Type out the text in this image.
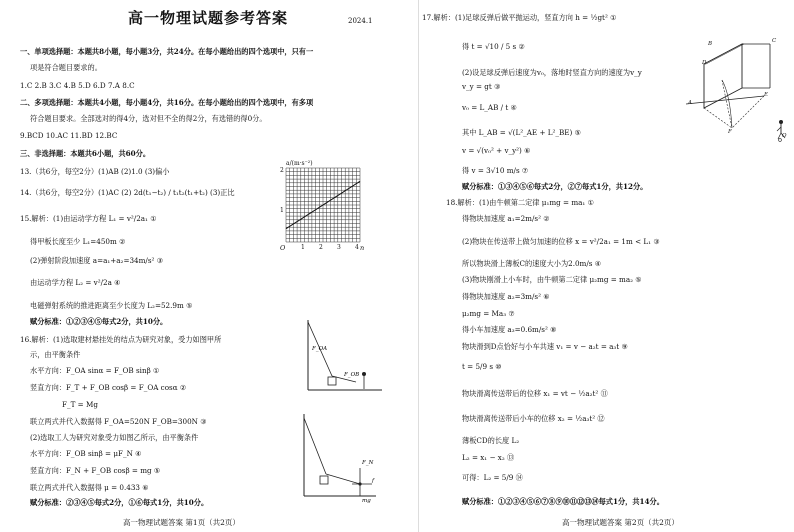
高一物理试题参考答案	2024.1
一、单项选择题：本题共8小题，每小题3分，共24分。在每小题给出的四个选项中，只有一
项是符合题目要求的。
1.C 2.B 3.C 4.B 5.D 6.D 7.A 8.C
二、多项选择题：本题共4小题，每小题4分，共16分。在每小题给出的四个选项中，有多项
符合题目要求。全部选对的得4分，选对但不全的得2分，有选错的得0分。
9.BCD 10.AC 11.BD 12.BC
三、非选择题：本题共6小题，共60分。
13.（共6分，每空2分）(1)AB (2)1.0 (3)偏小
14.（共6分，每空2分）(1)AC (2) 2d(t₁−t₂) / t₁t₂(t₁+t₂) (3)正比
15.解析：(1)由运动学方程 L₁ = v²/2a₁ ①
得甲板长度至少 L₁=450m ②
(2)弹射阶段加速度 a=a₁+a₂=34m/s² ③
由运动学方程 L₂ = v²/2a ④
电磁弹射系统的推进距离至少长度为 L₂=52.9m ⑤
赋分标准：①②③④⑤每式2分，共10分。
16.解析：(1)选取建材悬挂处的结点为研究对象，受力如图甲所
示，由平衡条件
水平方向：F_OA sinα = F_OB sinβ ①
竖直方向：F_T + F_OB cosβ = F_OA cosα ②
F_T = Mg
联立两式并代入数据得 F_OA=520N F_OB=300N ③
(2)选取工人为研究对象受力如图乙所示，由平衡条件
水平方向：F_OB sinβ = μF_N ④
竖直方向：F_N + F_OB cosβ = mg ⑤
联立两式并代入数据得 μ = 0.433 ⑥
赋分标准：②③④⑤每式2分，①⑥每式1分，共10分。
高一物理试题答案 第1页（共2页）
a/(m·s⁻²)
n
O
1
2
1 2 3 4
F_OA
F_OB
F_N
mg
f
17.解析：(1)足球反弹后做平抛运动，竖直方向 h = ½gt² ①
得 t = √10 / 5 s ②
(2)设足球反弹后速度为v₀，落地时竖直方向的速度为v_y
v_y = gt ③
v₀ = L_AB / t ④
其中 L_AB = √(L²_AE + L²_BE) ⑤
v = √(v₀² + v_y²) ⑥
得 v = 3√10 m/s ⑦
赋分标准：①③④⑤⑥每式2分，②⑦每式1分，共12分。
18.解析：(1)由牛顿第二定律 μ₁mg = ma₁ ①
得物块加速度 a₁=2m/s² ②
(2)物块在传送带上做匀加速的位移 x = v²/2a₁ = 1m < L₁ ③
所以物块滑上薄板C的速度大小为2.0m/s ④
(3)物块刚滑上小车时，由牛顿第二定律 μ₂mg = ma₂ ⑤
得物块加速度 a₂=3m/s² ⑥
μ₂mg = Ma₃ ⑦
得小车加速度 a₃=0.6m/s² ⑧
物块滑到D点恰好与小车共速 v₁ = v − a₂t = a₃t ⑨
t = 5/9 s ⑩
物块滑离传送带后的位移 x₁ = vt − ½a₂t² ⑪
物块滑离传送带后小车的位移 x₂ = ½a₃t² ⑫
薄板CD的长度 L₂
L₂ = x₁ − x₂ ⑬
可得：L₂ = 5/9 ⑭
赋分标准：①②③④⑤⑥⑦⑧⑨⑩⑪⑫⑬⑭每式1分，共14分。
高一物理试题答案 第2页（共2页）
D
B	C
A
E
F
O
